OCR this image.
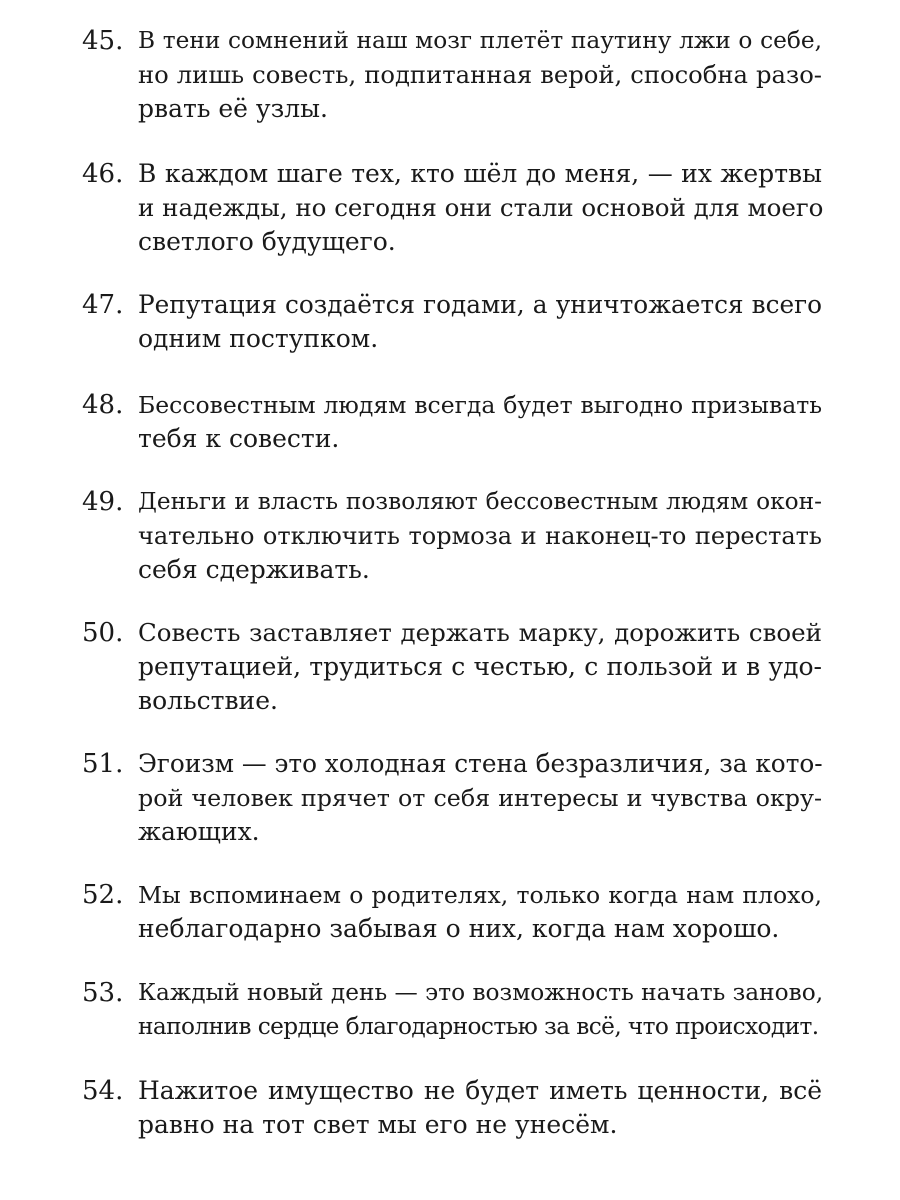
45. В тени сомнений наш мозг плетёт паутину лжи о себе,
но лишь совесть, подпитанная верой, способна разо-
рвать её узлы.
46. В каждом шаге тех, кто шёл до меня, — их жертвы
и надежды, но сегодня они стали основой для моего
светлого будущего.
47. Репутация создаётся годами, а уничтожается всего
одним поступком.
48. Бессовестным людям всегда будет выгодно призывать
тебя к совести.
49. Деньги и власть позволяют бессовестным людям окон-
чательно отключить тормоза и наконец-то перестать
себя сдерживать.
50. Совесть заставляет держать марку, дорожить своей
репутацией, трудиться с честью, с пользой и в удо-
вольствие.
51. Эгоизм — это холодная стена безразличия, за кото-
рой человек прячет от себя интересы и чувства окру-
жающих.
52. Мы вспоминаем о родителях, только когда нам плохо,
неблагодарно забывая о них, когда нам хорошо.
53. Каждый новый день — это возможность начать заново,
наполнив сердце благодарностью за всё, что происходит.
54. Нажитое имущество не будет иметь ценности, всё
равно на тот свет мы его не унесём.
